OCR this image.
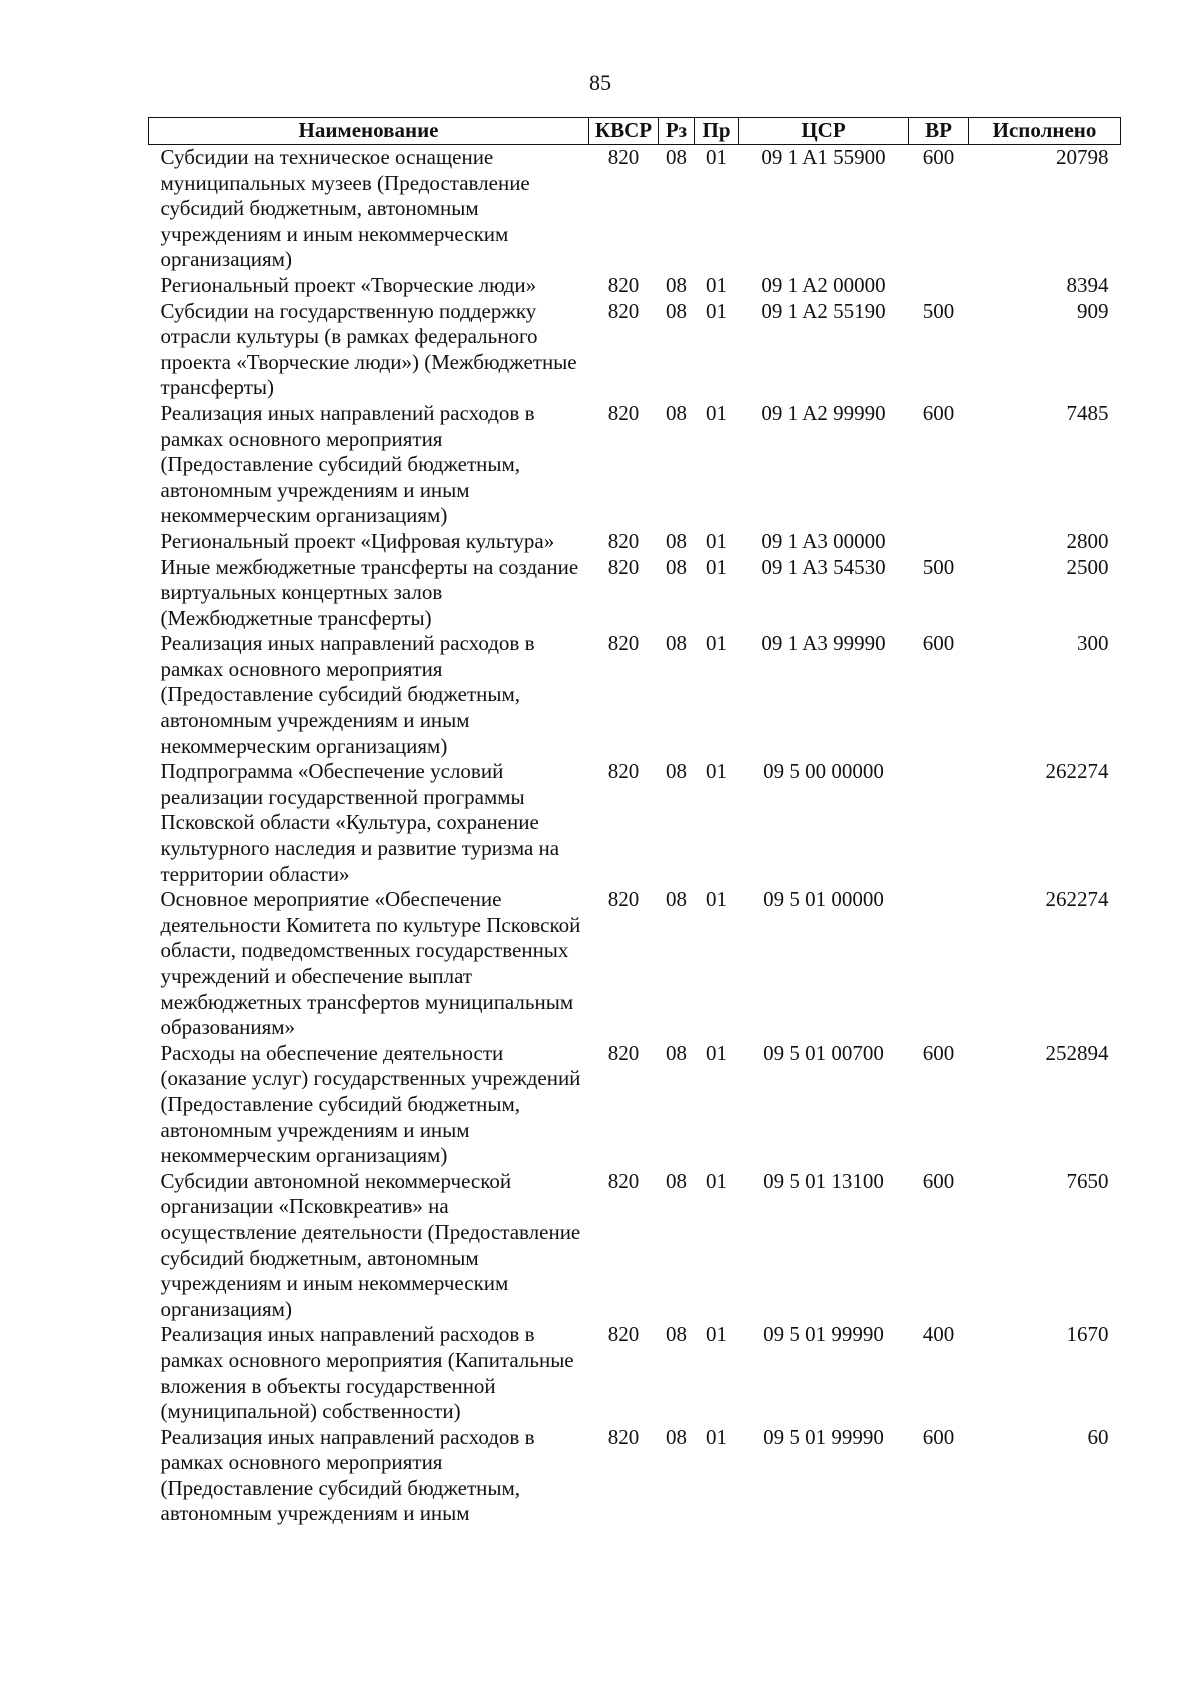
85
Наименование	КВСР	Рз	Пр	ЦСР	ВР	Исполнено
Субсидии на техническое оснащение муниципальных музеев (Предоставление субсидий бюджетным, автономным учреждениям и иным некоммерческим организациям)	820	08	01	09 1 A1 55900	600	20798
Региональный проект «Творческие люди»	820	08	01	09 1 A2 00000		8394
Субсидии на государственную поддержку отрасли культуры (в рамках федерального проекта «Творческие люди») (Межбюджетные трансферты)	820	08	01	09 1 A2 55190	500	909
Реализация иных направлений расходов в рамках основного мероприятия (Предоставление субсидий бюджетным, автономным учреждениям и иным некоммерческим организациям)	820	08	01	09 1 A2 99990	600	7485
Региональный проект «Цифровая культура»	820	08	01	09 1 A3 00000		2800
Иные межбюджетные трансферты на создание виртуальных концертных залов (Межбюджетные трансферты)	820	08	01	09 1 A3 54530	500	2500
Реализация иных направлений расходов в рамках основного мероприятия (Предоставление субсидий бюджетным, автономным учреждениям и иным некоммерческим организациям)	820	08	01	09 1 A3 99990	600	300
Подпрограмма «Обеспечение условий реализации государственной программы Псковской области «Культура, сохранение культурного наследия и развитие туризма на территории области»	820	08	01	09 5 00 00000		262274
Основное мероприятие «Обеспечение деятельности Комитета по культуре Псковской области, подведомственных государственных учреждений и обеспечение выплат межбюджетных трансфертов муниципальным образованиям»	820	08	01	09 5 01 00000		262274
Расходы на обеспечение деятельности (оказание услуг) государственных учреждений (Предоставление субсидий бюджетным, автономным учреждениям и иным некоммерческим организациям)	820	08	01	09 5 01 00700	600	252894
Субсидии автономной некоммерческой организации «Псковкреатив» на осуществление деятельности (Предоставление субсидий бюджетным, автономным учреждениям и иным некоммерческим организациям)	820	08	01	09 5 01 13100	600	7650
Реализация иных направлений расходов в рамках основного мероприятия (Капитальные вложения в объекты государственной (муниципальной) собственности)	820	08	01	09 5 01 99990	400	1670
Реализация иных направлений расходов в рамках основного мероприятия (Предоставление субсидий бюджетным, автономным учреждениям и иным	820	08	01	09 5 01 99990	600	60
